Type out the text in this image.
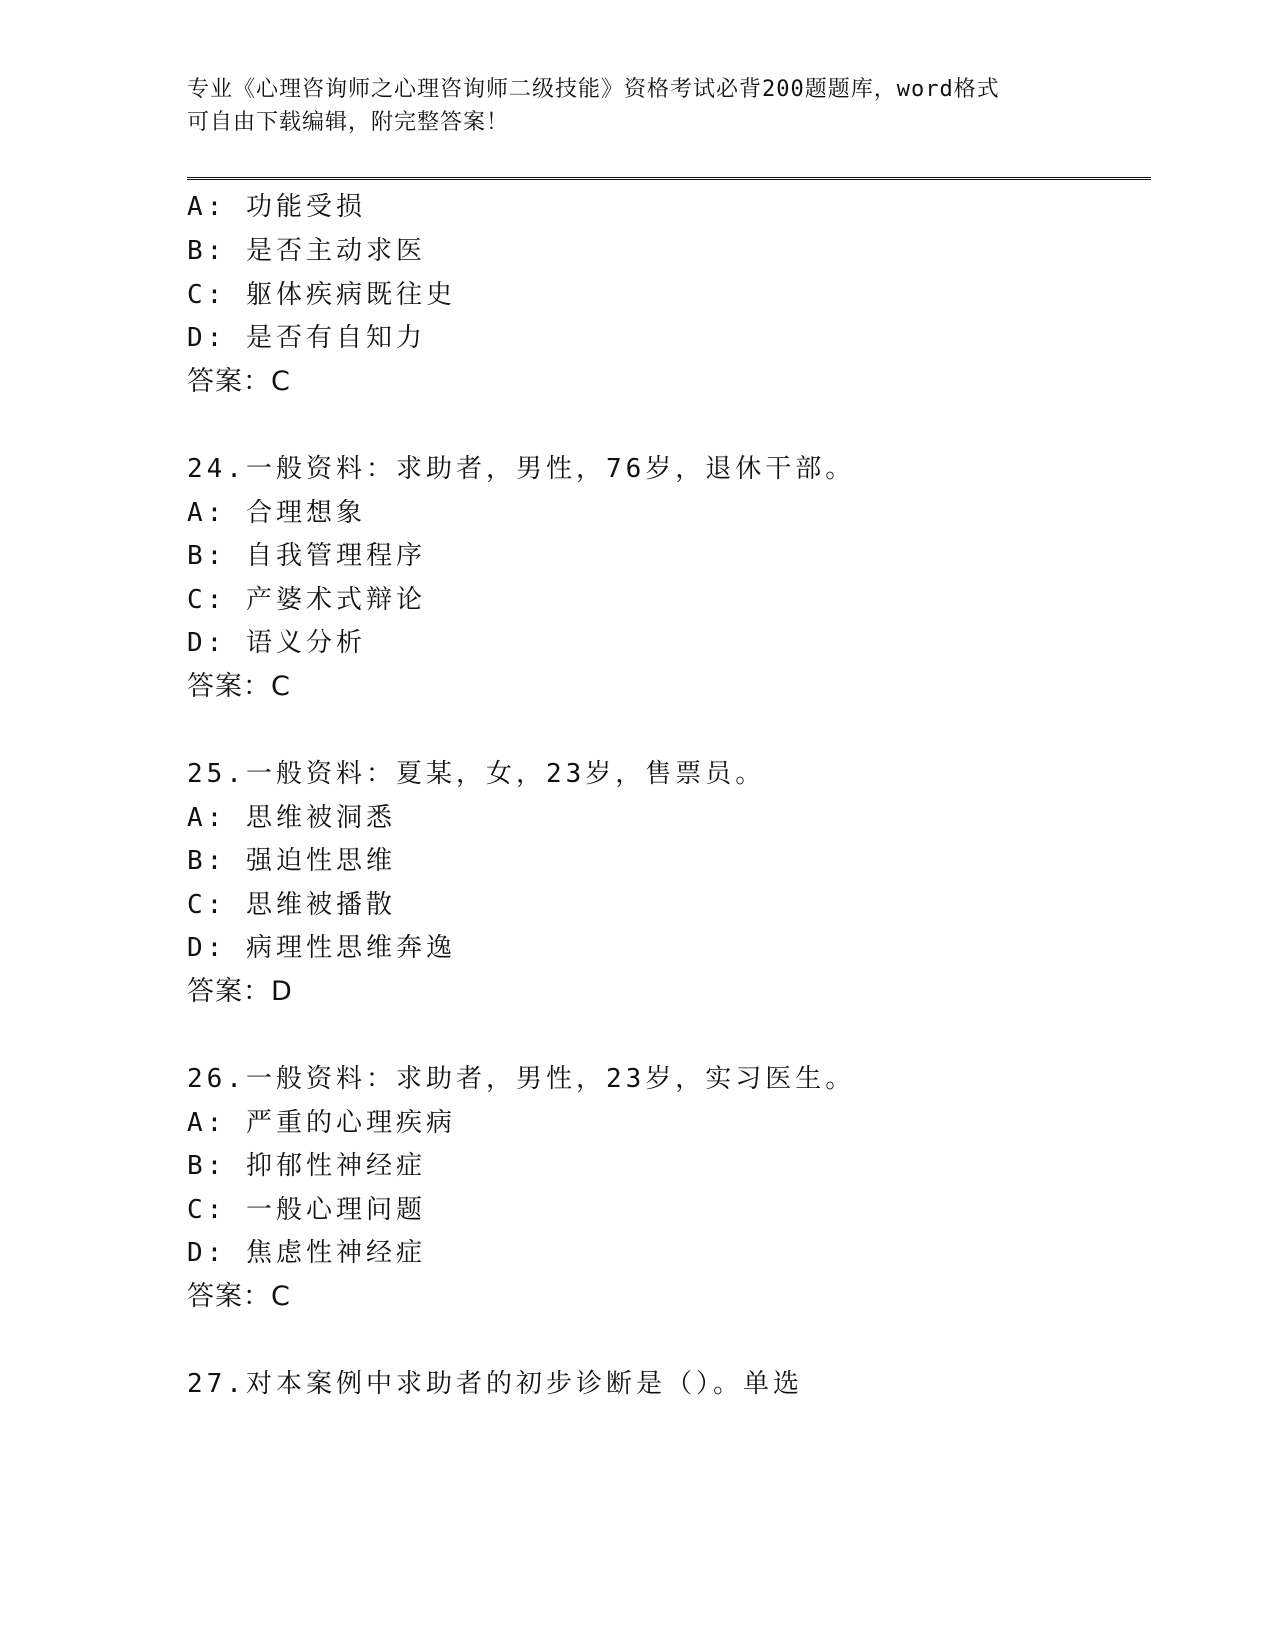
专业《心理咨询师之心理咨询师二级技能》资格考试必背200题题库，word格式
可自由下载编辑，附完整答案！
A: 功能受损
B: 是否主动求医
C: 躯体疾病既往史
D: 是否有自知力
答案：C
24.一般资料：求助者，男性，76岁，退休干部。
A: 合理想象
B: 自我管理程序
C: 产婆术式辩论
D: 语义分析
答案：C
25.一般资料：夏某，女，23岁，售票员。
A: 思维被洞悉
B: 强迫性思维
C: 思维被播散
D: 病理性思维奔逸
答案：D
26.一般资料：求助者，男性，23岁，实习医生。
A: 严重的心理疾病
B: 抑郁性神经症
C: 一般心理问题
D: 焦虑性神经症
答案：C
27.对本案例中求助者的初步诊断是（）。单选
